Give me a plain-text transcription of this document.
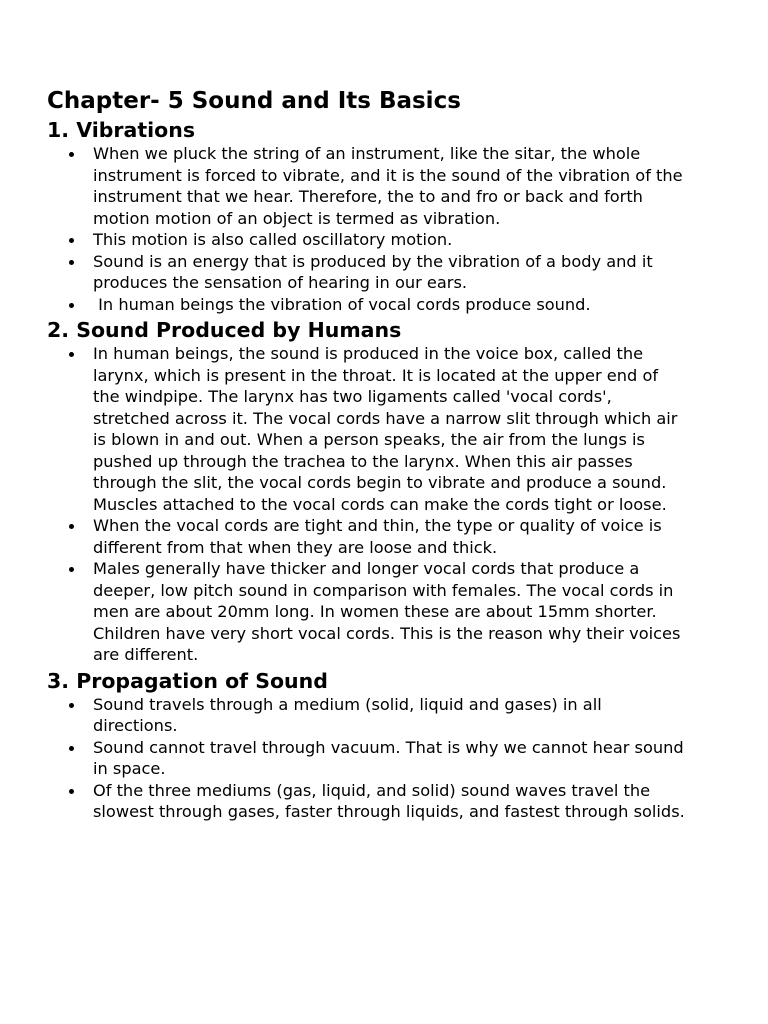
Chapter- 5 Sound and Its Basics
1. Vibrations
When we pluck the string of an instrument, like the sitar, the whole instrument is forced to vibrate, and it is the sound of the vibration of the instrument that we hear. Therefore, the to and fro or back and forth motion motion of an object is termed as vibration.
This motion is also called oscillatory motion.
Sound is an energy that is produced by the vibration of a body and it produces the sensation of hearing in our ears.
In human beings the vibration of vocal cords produce sound.
2. Sound Produced by Humans
In human beings, the sound is produced in the voice box, called the larynx, which is present in the throat. It is located at the upper end of the windpipe. The larynx has two ligaments called 'vocal cords', stretched across it. The vocal cords have a narrow slit through which air is blown in and out. When a person speaks, the air from the lungs is pushed up through the trachea to the larynx. When this air passes through the slit, the vocal cords begin to vibrate and produce a sound. Muscles attached to the vocal cords can make the cords tight or loose.
When the vocal cords are tight and thin, the type or quality of voice is different from that when they are loose and thick.
Males generally have thicker and longer vocal cords that produce a deeper, low pitch sound in comparison with females. The vocal cords in men are about 20mm long. In women these are about 15mm shorter. Children have very short vocal cords. This is the reason why their voices are different.
3. Propagation of Sound
Sound travels through a medium (solid, liquid and gases) in all directions.
Sound cannot travel through vacuum. That is why we cannot hear sound in space.
Of the three mediums (gas, liquid, and solid) sound waves travel the slowest through gases, faster through liquids, and fastest through solids.
